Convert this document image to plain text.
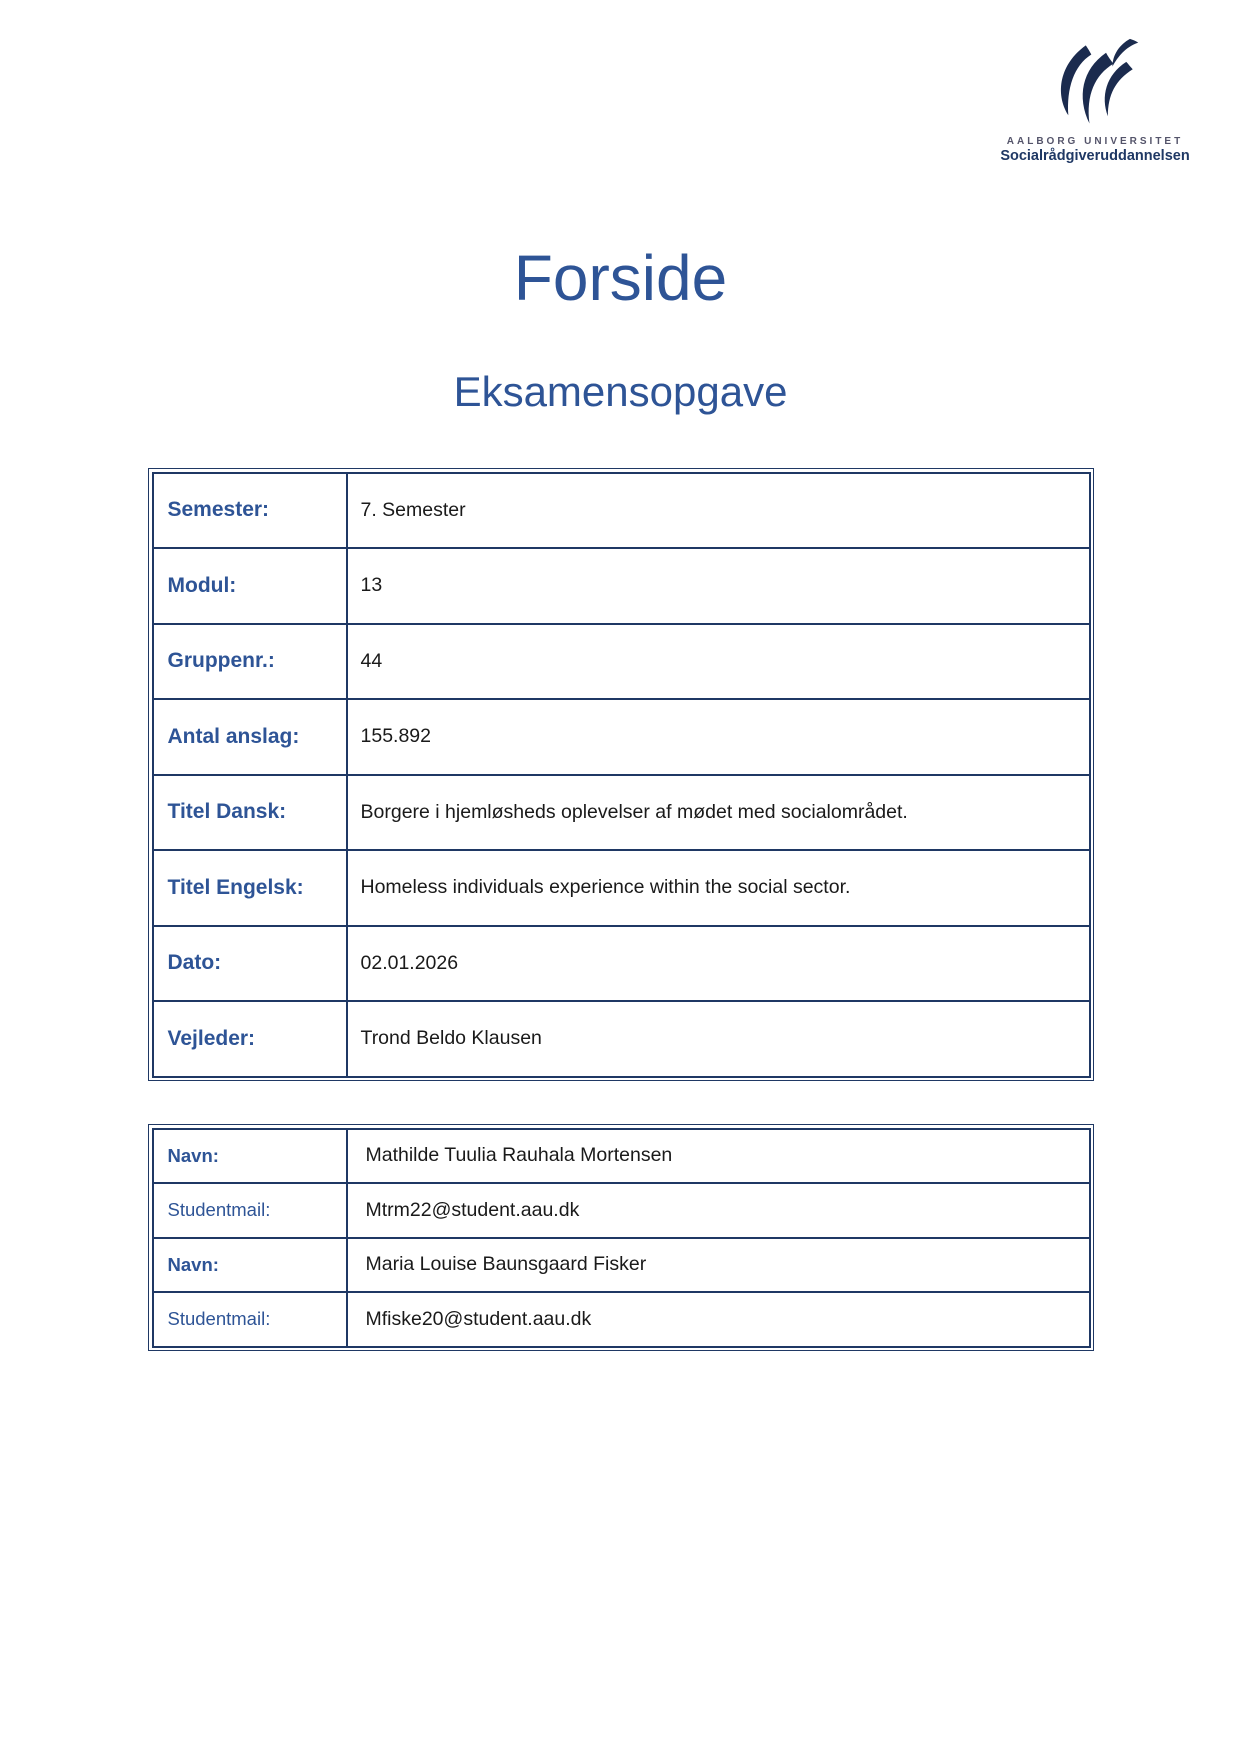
AALBORG UNIVERSITET
Socialrådgiveruddannelsen
Forside
Eksamensopgave
Semester:	7. Semester
Modul:	13
Gruppenr.:	44
Antal anslag:	155.892
Titel Dansk:	Borgere i hjemløsheds oplevelser af mødet med socialområdet.
Titel Engelsk:	Homeless individuals experience within the social sector.
Dato:	02.01.2026
Vejleder:	Trond Beldo Klausen
Navn:	Mathilde Tuulia Rauhala Mortensen
Studentmail:	Mtrm22@student.aau.dk
Navn:	Maria Louise Baunsgaard Fisker
Studentmail:	Mfiske20@student.aau.dk
